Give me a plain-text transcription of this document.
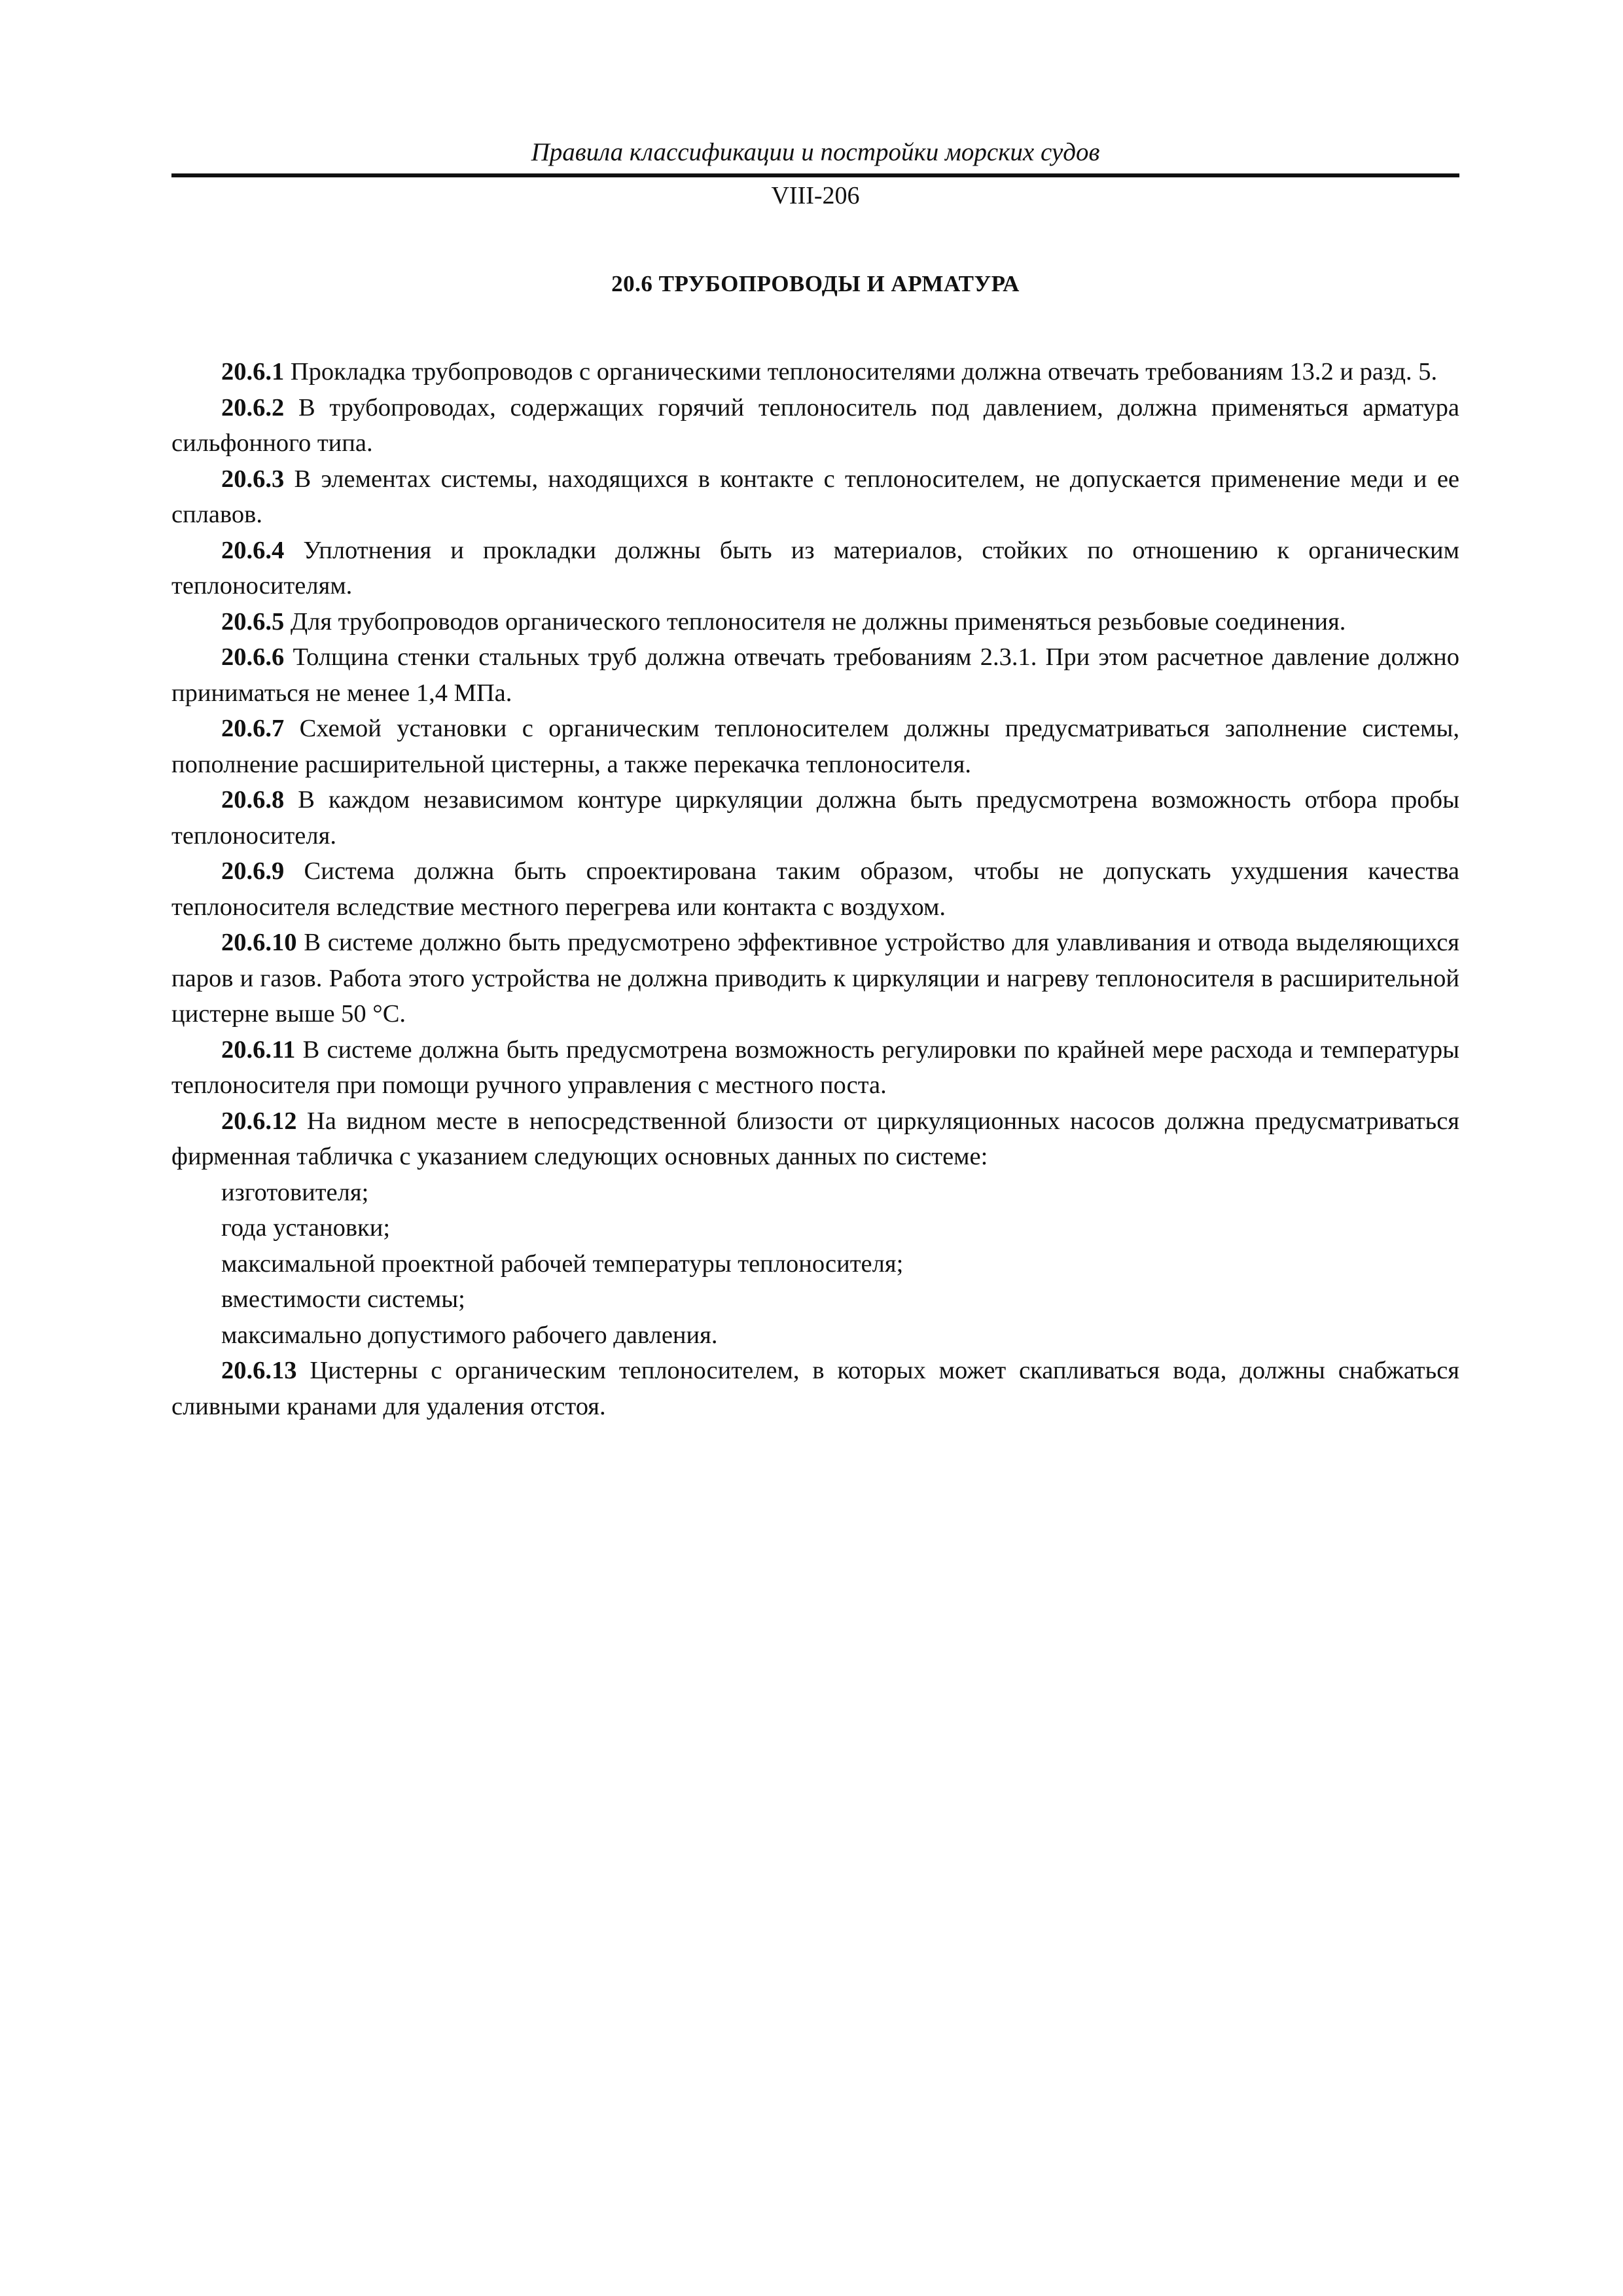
Правила классификации и постройки морских судов
VIII-206
20.6 ТРУБОПРОВОДЫ И АРМАТУРА

20.6.1 Прокладка трубопроводов с органическими теплоносителями должна отвечать требованиям 13.2 и разд. 5.

20.6.2 В трубопроводах, содержащих горячий теплоноситель под давлением, должна применяться арматура сильфонного типа.

20.6.3 В элементах системы, находящихся в контакте с теплоносителем, не допускается применение меди и ее сплавов.

20.6.4 Уплотнения и прокладки должны быть из материалов, стойких по отношению к органическим теплоносителям.

20.6.5 Для трубопроводов органического теплоносителя не должны применяться резьбовые соединения.

20.6.6 Толщина стенки стальных труб должна отвечать требованиям 2.3.1. При этом расчетное давление должно приниматься не менее 1,4 МПа.

20.6.7 Схемой установки с органическим теплоносителем должны предусматриваться заполнение системы, пополнение расширительной цистерны, а также перекачка теплоносителя.

20.6.8 В каждом независимом контуре циркуляции должна быть предусмотрена возможность отбора пробы теплоносителя.

20.6.9 Система должна быть спроектирована таким образом, чтобы не допускать ухудшения качества теплоносителя вследствие местного перегрева или контакта с воздухом.

20.6.10 В системе должно быть предусмотрено эффективное устройство для улавливания и отвода выделяющихся паров и газов. Работа этого устройства не должна приводить к циркуляции и нагреву теплоносителя в расширительной цистерне выше 50 °С.

20.6.11 В системе должна быть предусмотрена возможность регулировки по крайней мере расхода и температуры теплоносителя при помощи ручного управления с местного поста.

20.6.12 На видном месте в непосредственной близости от циркуляционных насосов должна предусматриваться фирменная табличка с указанием следующих основных данных по системе:

изготовителя;

года установки;

максимальной проектной рабочей температуры теплоносителя;

вместимости системы;

максимально допустимого рабочего давления.

20.6.13 Цистерны с органическим теплоносителем, в которых может скапливаться вода, должны снабжаться сливными кранами для удаления отстоя.
